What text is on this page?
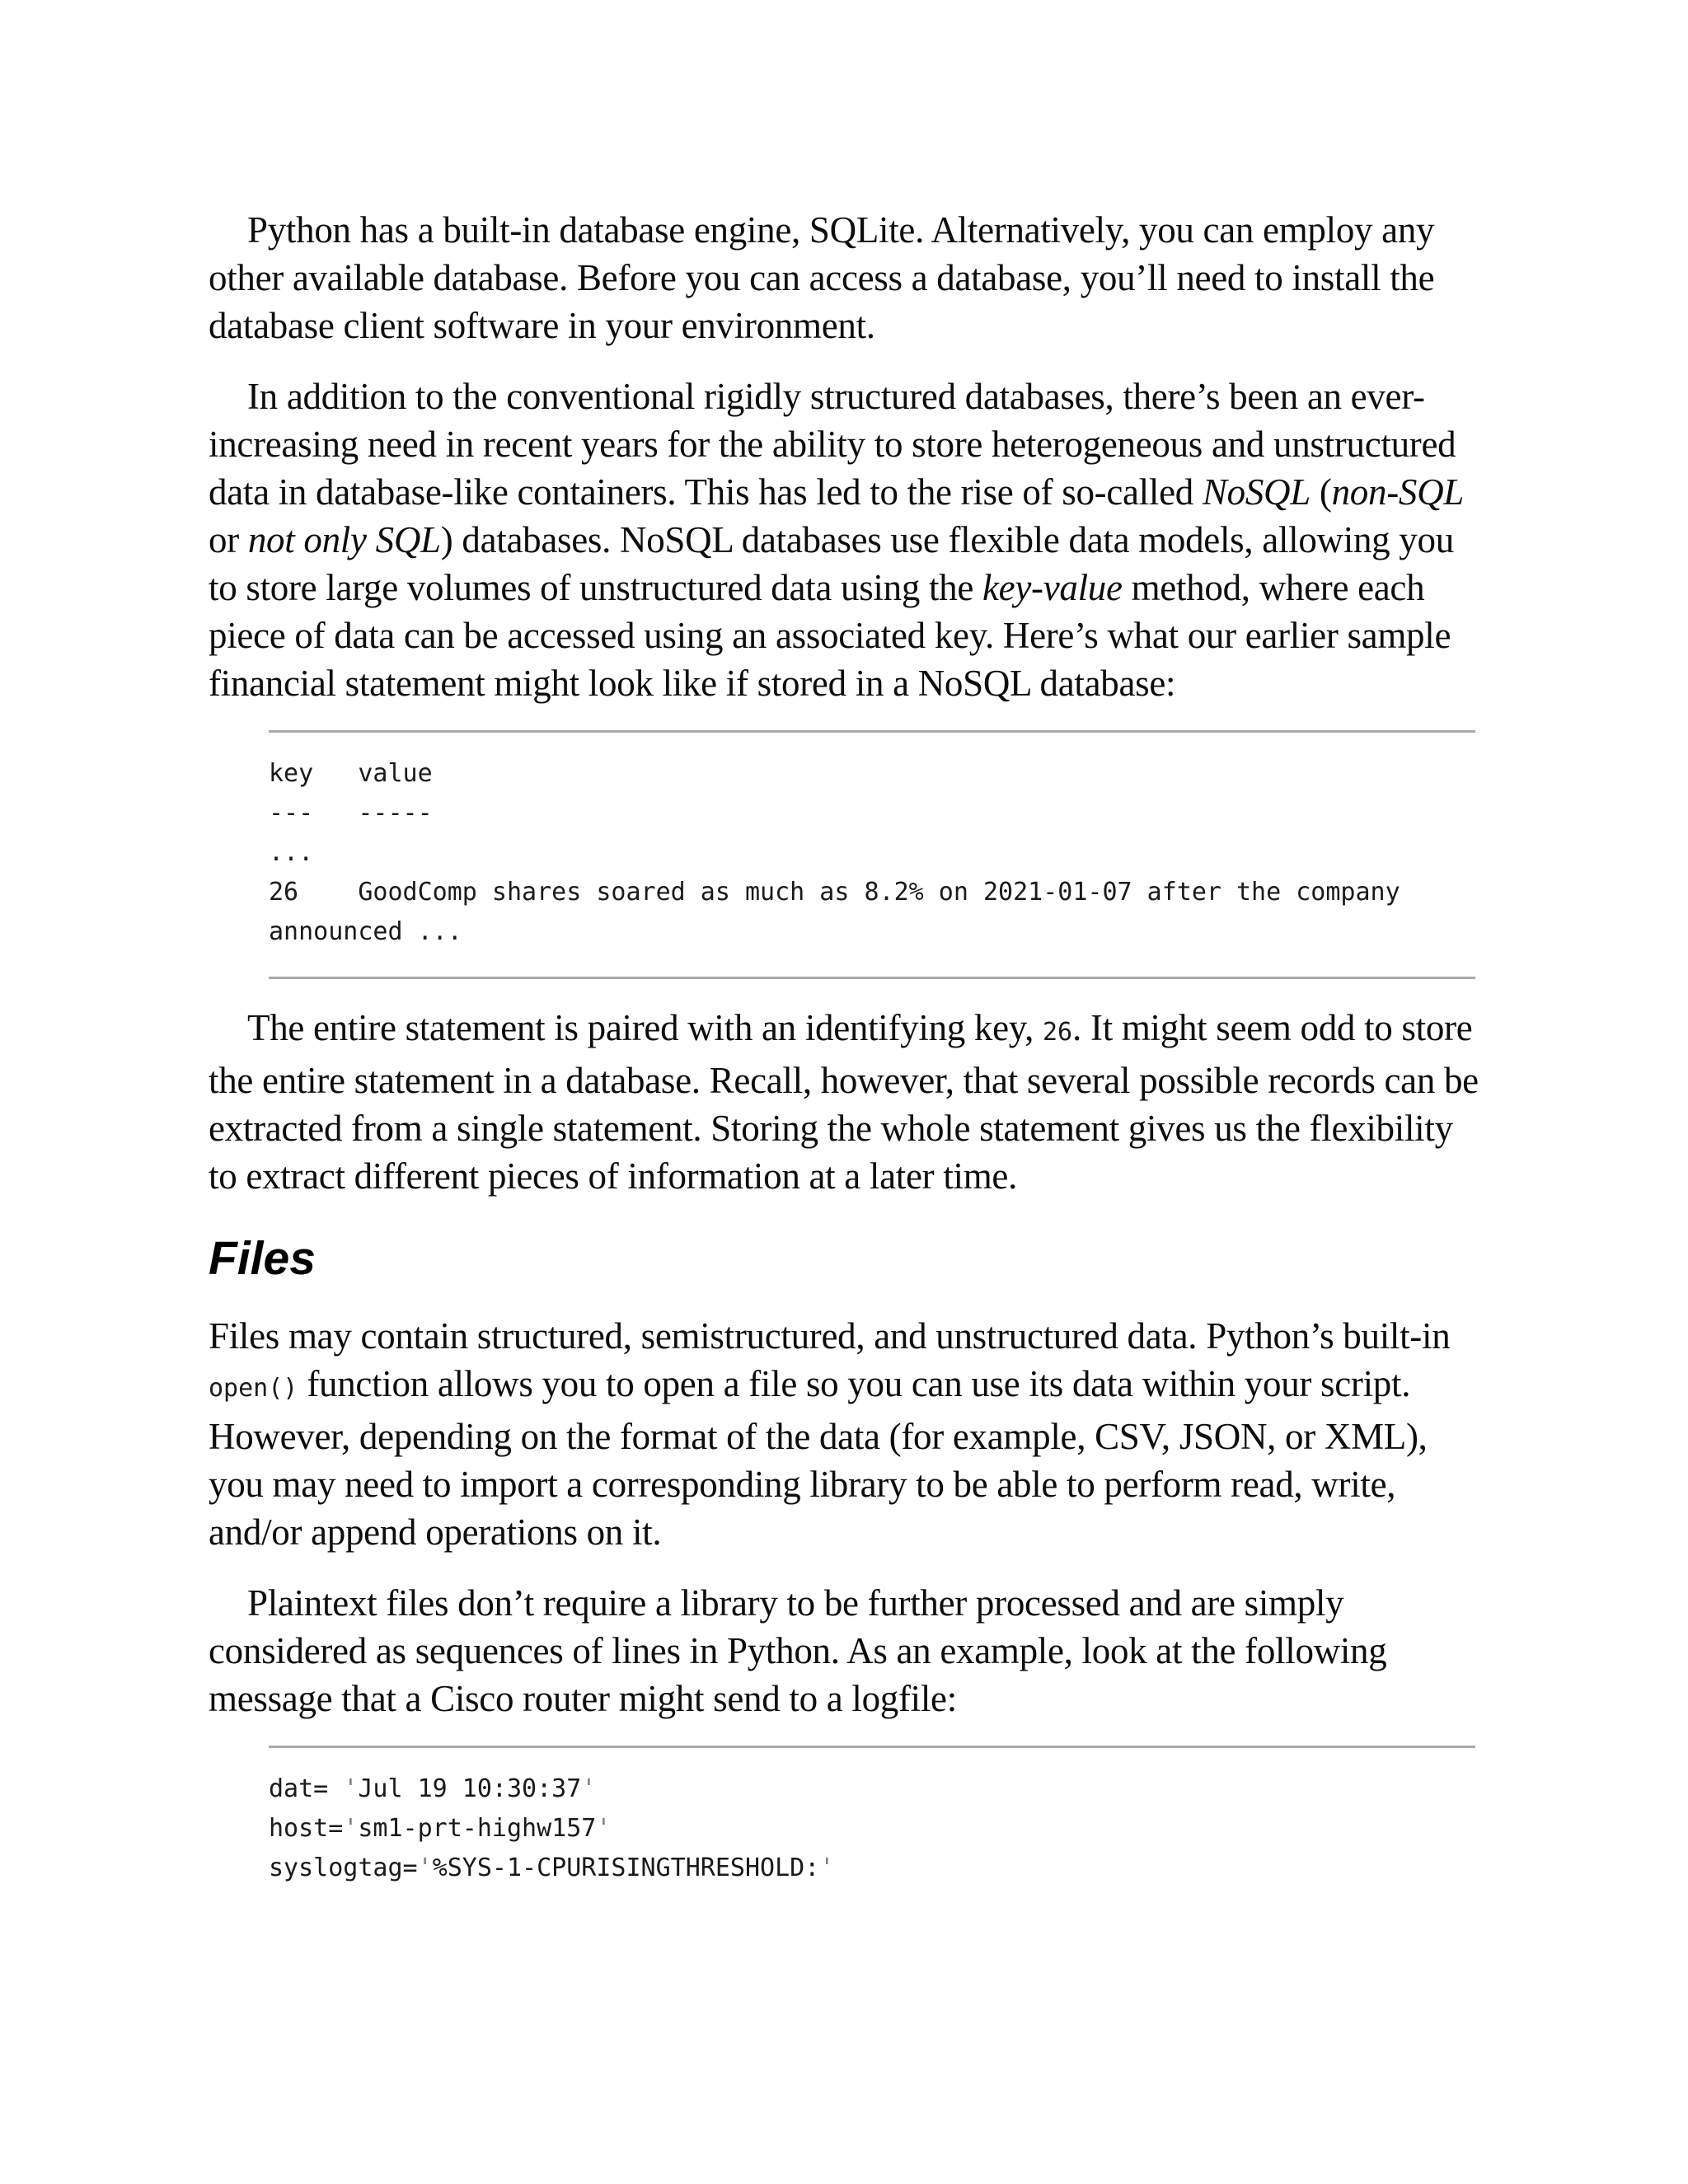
Python has a built-in database engine, SQLite. Alternatively, you can employ any other available database. Before you can access a database, you’ll need to install the database client software in your environment.

In addition to the conventional rigidly structured databases, there’s been an ever-increasing need in recent years for the ability to store heterogeneous and unstructured data in database-like containers. This has led to the rise of so-called NoSQL (non-SQL or not only SQL) databases. NoSQL databases use flexible data models, allowing you to store large volumes of unstructured data using the key-value method, where each piece of data can be accessed using an associated key. Here’s what our earlier sample financial statement might look like if stored in a NoSQL database:

key   value
---   -----
...
26    GoodComp shares soared as much as 8.2% on 2021-01-07 after the company
announced ...

The entire statement is paired with an identifying key, 26. It might seem odd to store the entire statement in a database. Recall, however, that several possible records can be extracted from a single statement. Storing the whole statement gives us the flexibility to extract different pieces of information at a later time.

Files

Files may contain structured, semistructured, and unstructured data. Python’s built-in open() function allows you to open a file so you can use its data within your script. However, depending on the format of the data (for example, CSV, JSON, or XML), you may need to import a corresponding library to be able to perform read, write, and/or append operations on it.

Plaintext files don’t require a library to be further processed and are simply considered as sequences of lines in Python. As an example, look at the following message that a Cisco router might send to a logfile:

dat= 'Jul 19 10:30:37'
host='sm1-prt-highw157'
syslogtag='%SYS-1-CPURISINGTHRESHOLD:'
